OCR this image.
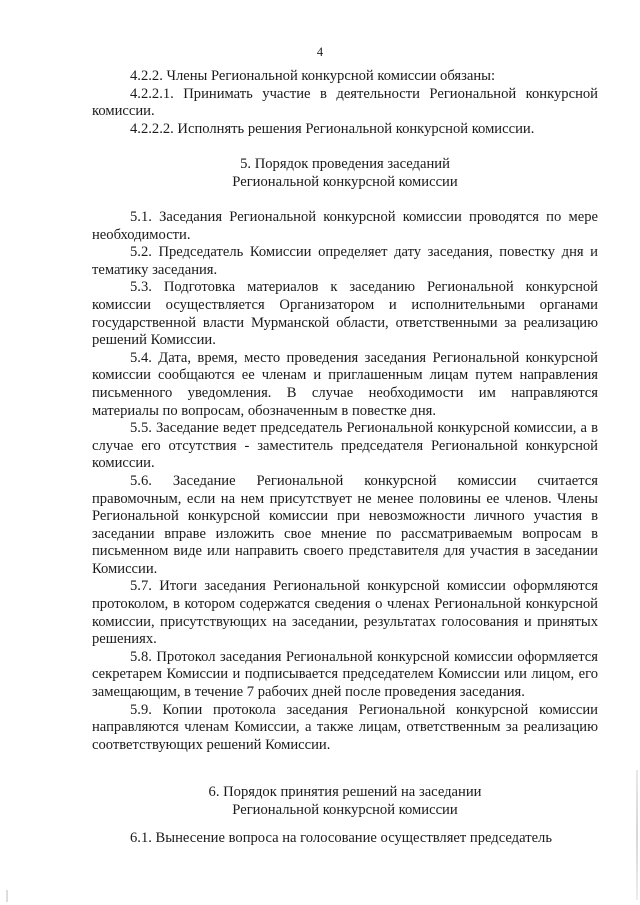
4

4.2.2. Члены Региональной конкурсной комиссии обязаны:

4.2.2.1. Принимать участие в деятельности Региональной конкурсной комиссии.

4.2.2.2. Исполнять решения Региональной конкурсной комиссии.

5. Порядок проведения заседаний

Региональной конкурсной комиссии

5.1. Заседания Региональной конкурсной комиссии проводятся по мере необходимости.

5.2. Председатель Комиссии определяет дату заседания, повестку дня и тематику заседания.

5.3. Подготовка материалов к заседанию Региональной конкурсной комиссии осуществляется Организатором и исполнительными органами государственной власти Мурманской области, ответственными за реализацию решений Комиссии.

5.4. Дата, время, место проведения заседания Региональной конкурсной комиссии сообщаются ее членам и приглашенным лицам путем направления письменного уведомления. В случае необходимости им направляются материалы по вопросам, обозначенным в повестке дня.

5.5. Заседание ведет председатель Региональной конкурсной комиссии, а в случае его отсутствия - заместитель председателя Региональной конкурсной комиссии.

5.6. Заседание Региональной конкурсной комиссии считается правомочным, если на нем присутствует не менее половины ее членов. Члены Региональной конкурсной комиссии при невозможности личного участия в заседании вправе изложить свое мнение по рассматриваемым вопросам в письменном виде или направить своего представителя для участия в заседании Комиссии.

5.7. Итоги заседания Региональной конкурсной комиссии оформляются протоколом, в котором содержатся сведения о членах Региональной конкурсной комиссии, присутствующих на заседании, результатах голосования и принятых решениях.

5.8. Протокол заседания Региональной конкурсной комиссии оформляется секретарем Комиссии и подписывается председателем Комиссии или лицом, его замещающим, в течение 7 рабочих дней после проведения заседания.

5.9. Копии протокола заседания Региональной конкурсной комиссии направляются членам Комиссии, а также лицам, ответственным за реализацию соответствующих решений Комиссии.

6. Порядок принятия решений на заседании

Региональной конкурсной комиссии

6.1. Вынесение вопроса на голосование осуществляет председатель
